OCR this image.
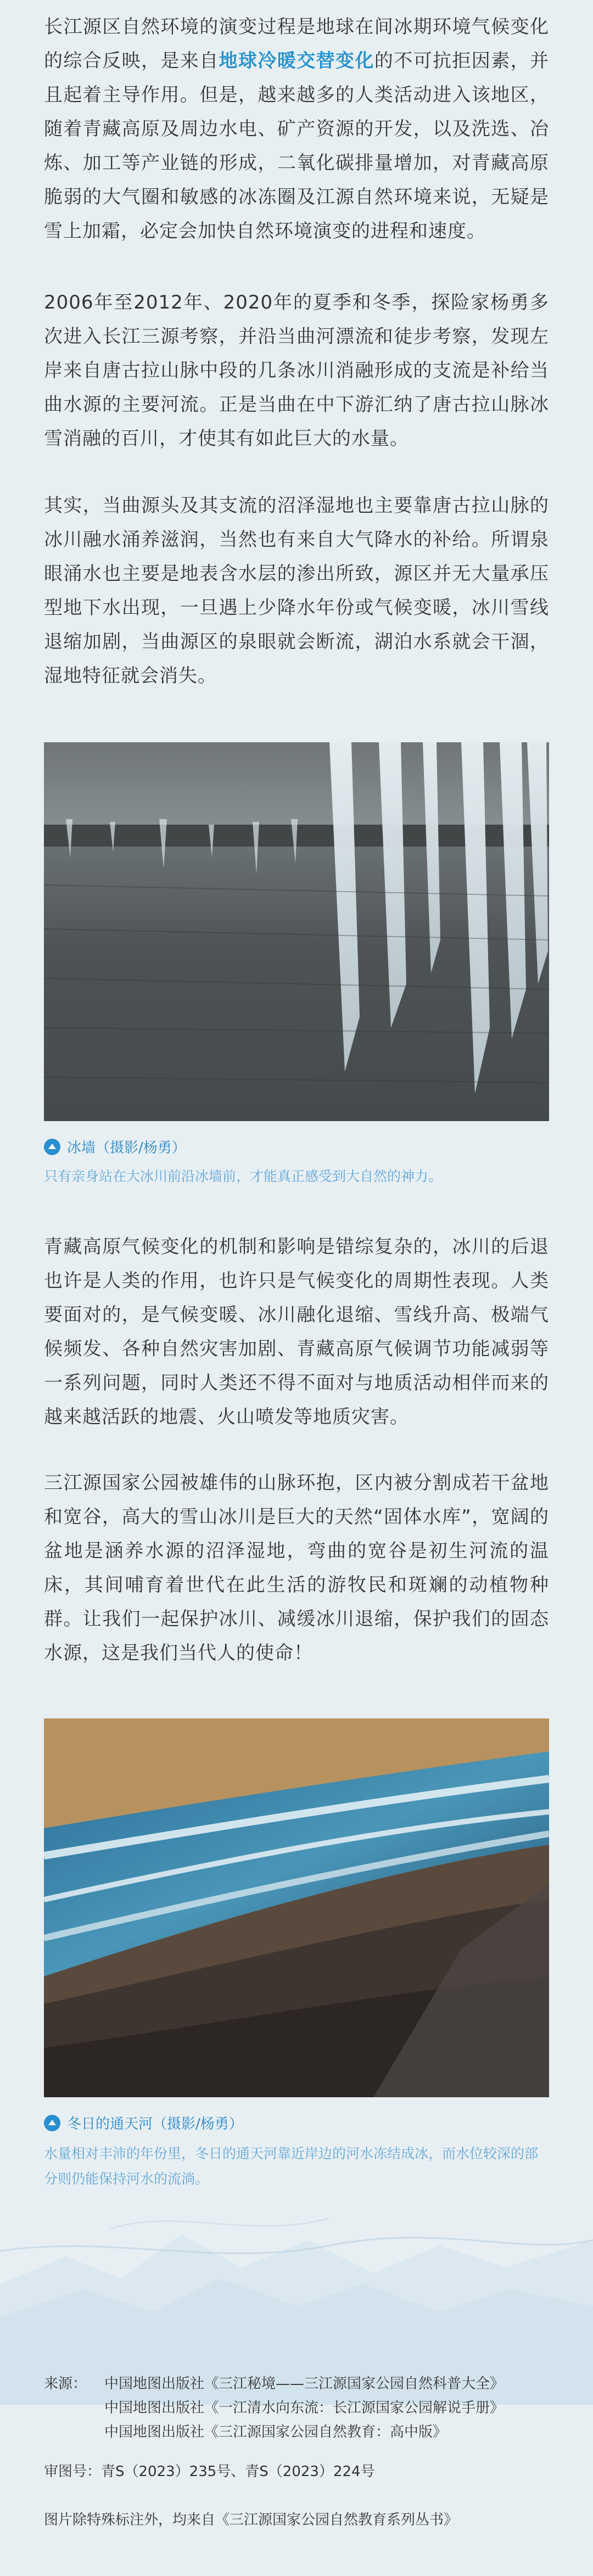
长江源区自然环境的演变过程是地球在间冰期环境气候变化的综合反映，是来自地球冷暖交替变化的不可抗拒因素，并且起着主导作用。但是，越来越多的人类活动进入该地区，随着青藏高原及周边水电、矿产资源的开发，以及洗选、冶炼、加工等产业链的形成，二氧化碳排量增加，对青藏高原脆弱的大气圈和敏感的冰冻圈及江源自然环境来说，无疑是雪上加霜，必定会加快自然环境演变的进程和速度。

2006年至2012年、2020年的夏季和冬季，探险家杨勇多次进入长江三源考察，并沿当曲河漂流和徒步考察，发现左岸来自唐古拉山脉中段的几条冰川消融形成的支流是补给当曲水源的主要河流。正是当曲在中下游汇纳了唐古拉山脉冰雪消融的百川，才使其有如此巨大的水量。

其实，当曲源头及其支流的沼泽湿地也主要靠唐古拉山脉的冰川融水涌养滋润，当然也有来自大气降水的补给。所谓泉眼涌水也主要是地表含水层的渗出所致，源区并无大量承压型地下水出现，一旦遇上少降水年份或气候变暖，冰川雪线退缩加剧，当曲源区的泉眼就会断流，湖泊水系就会干涸，湿地特征就会消失。

冰墙（摄影/杨勇）

只有亲身站在大冰川前沿冰墙前，才能真正感受到大自然的神力。

青藏高原气候变化的机制和影响是错综复杂的，冰川的后退也许是人类的作用，也许只是气候变化的周期性表现。人类要面对的，是气候变暖、冰川融化退缩、雪线升高、极端气候频发、各种自然灾害加剧、青藏高原气候调节功能减弱等一系列问题，同时人类还不得不面对与地质活动相伴而来的越来越活跃的地震、火山喷发等地质灾害。

三江源国家公园被雄伟的山脉环抱，区内被分割成若干盆地和宽谷，高大的雪山冰川是巨大的天然“固体水库”，宽阔的盆地是涵养水源的沼泽湿地，弯曲的宽谷是初生河流的温床，其间哺育着世代在此生活的游牧民和斑斓的动植物种群。让我们一起保护冰川、减缓冰川退缩，保护我们的固态水源，这是我们当代人的使命！

冬日的通天河（摄影/杨勇）

水量相对丰沛的年份里，冬日的通天河靠近岸边的河水冻结成冰，而水位较深的部分则仍能保持河水的流淌。

来源：	中国地图出版社《三江秘境——三江源国家公园自然科普大全》
中国地图出版社《一江清水向东流：长江源国家公园解说手册》
中国地图出版社《三江源国家公园自然教育：高中版》
审图号：青S（2023）235号、青S（2023）224号
图片除特殊标注外，均来自《三江源国家公园自然教育系列丛书》
